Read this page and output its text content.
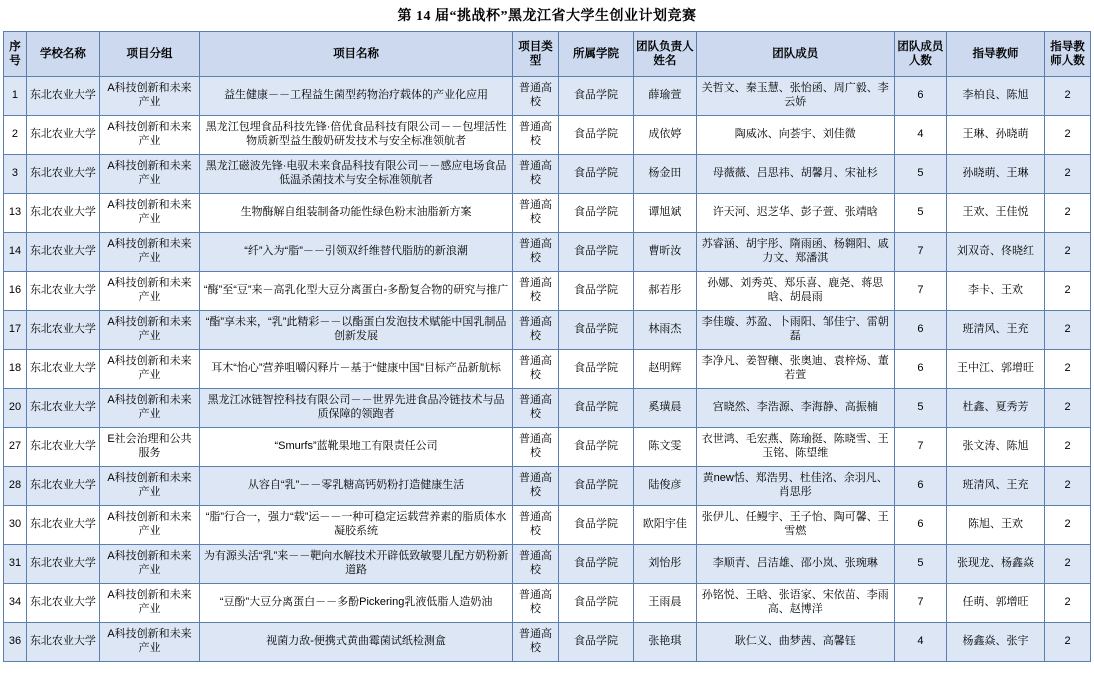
第 14 届“挑战杯”黑龙江省大学生创业计划竞赛
序号	学校名称	项目分组	项目名称	项目类型	所属学院	团队负责人姓名	团队成员	团队成员人数	指导教师	指导教师人数
1	东北农业大学	A科技创新和未来产业	益生健康－－工程益生菌型药物治疗载体的产业化应用	普通高校	食品学院	薛瑜萱	关哲文、秦玉慧、张怡函、周广毅、李云娇	6	李柏良、陈旭	2
2	东北农业大学	A科技创新和未来产业	黑龙江包埋食品科技先锋·倍优食品科技有限公司－－包埋活性物质新型益生酸奶研发技术与安全标准领航者	普通高校	食品学院	成依婷	陶威冰、向荟宇、刘佳微	4	王琳、孙晓萌	2
3	东北农业大学	A科技创新和未来产业	黑龙江磁波先锋·电驭未来食品科技有限公司－－感应电场食品低温杀菌技术与安全标准领航者	普通高校	食品学院	杨金田	母薇薇、吕思祎、胡馨月、宋祉杉	5	孙晓萌、王琳	2
13	东北农业大学	A科技创新和未来产业	生物酶解自组装制备功能性绿色粉末油脂新方案	普通高校	食品学院	谭旭斌	许天河、迟芝华、彭子萱、张靖晗	5	王欢、王佳悦	2
14	东北农业大学	A科技创新和未来产业	“纤”入为“脂”－－引领双纤维替代脂肪的新浪潮	普通高校	食品学院	曹昕汝	苏睿涵、胡宇彤、隋雨函、杨翱阳、戚力文、郑潘淇	7	刘双奇、佟晓红	2
16	东北农业大学	A科技创新和未来产业	“酶”至“豆”来－高乳化型大豆分离蛋白-多酚复合物的研究与推广	普通高校	食品学院	郝若彤	孙娜、刘秀英、郑乐喜、鹿尧、蒋思晗、胡晨雨	7	李卡、王欢	2
17	东北农业大学	A科技创新和未来产业	“酯”享未来，“乳”此精彩－－以酯蛋白发泡技术赋能中国乳制品创新发展	普通高校	食品学院	林雨杰	李佳璇、苏盈、卜雨阳、邹佳宁、雷朝磊	6	班清风、王充	2
18	东北农业大学	A科技创新和未来产业	耳木“怡心”营养咀嚼闪释片－基于“健康中国”目标产品新航标	普通高校	食品学院	赵明辉	李净凡、姜智穰、张奥迪、袁梓炀、董若萱	6	王中江、郭增旺	2
20	东北农业大学	A科技创新和未来产业	黑龙江冰链智控科技有限公司－－世界先进食品冷链技术与品质保障的领跑者	普通高校	食品学院	奚璜晨	宫晓然、李浩源、李海静、高振楠	5	杜鑫、夏秀芳	2
27	东北农业大学	E社会治理和公共服务	“Smurfs”蓝靴果地工有限责任公司	普通高校	食品学院	陈文雯	衣世鸿、毛宏燕、陈瑜挺、陈晓雪、王玉铭、陈望维	7	张文涛、陈旭	2
28	东北农业大学	A科技创新和未来产业	从容自“乳”－－零乳糖高钙奶粉打造健康生活	普通高校	食品学院	陆俊彦	黄new恬、郑浩男、杜佳洺、余羽凡、肖思彤	6	班清风、王充	2
30	东北农业大学	A科技创新和未来产业	“脂”行合一，强力“载”运－－一种可稳定运载营养素的脂质体水凝胶系统	普通高校	食品学院	欧阳宇佳	张伊儿、任鳗宇、王子怡、陶可馨、王雪燃	6	陈旭、王欢	2
31	东北农业大学	A科技创新和未来产业	为有源头活“乳”来－－靶向水解技术开辟低致敏婴儿配方奶粉新道路	普通高校	食品学院	刘怡彤	李顺青、吕洁雄、邵小岚、张琬琳	5	张现龙、杨鑫焱	2
34	东北农业大学	A科技创新和未来产业	“豆酚”大豆分离蛋白－－多酚Pickering乳液低脂人造奶油	普通高校	食品学院	王雨晨	孙铭悦、王晗、张语家、宋依苗、李雨高、赵博洋	7	任萌、郭增旺	2
36	东北农业大学	A科技创新和未来产业	视菌力敌-便携式黄曲霉菌试纸检测盒	普通高校	食品学院	张艳琪	耿仁义、曲梦茜、高馨钰	4	杨鑫焱、张宇	2
